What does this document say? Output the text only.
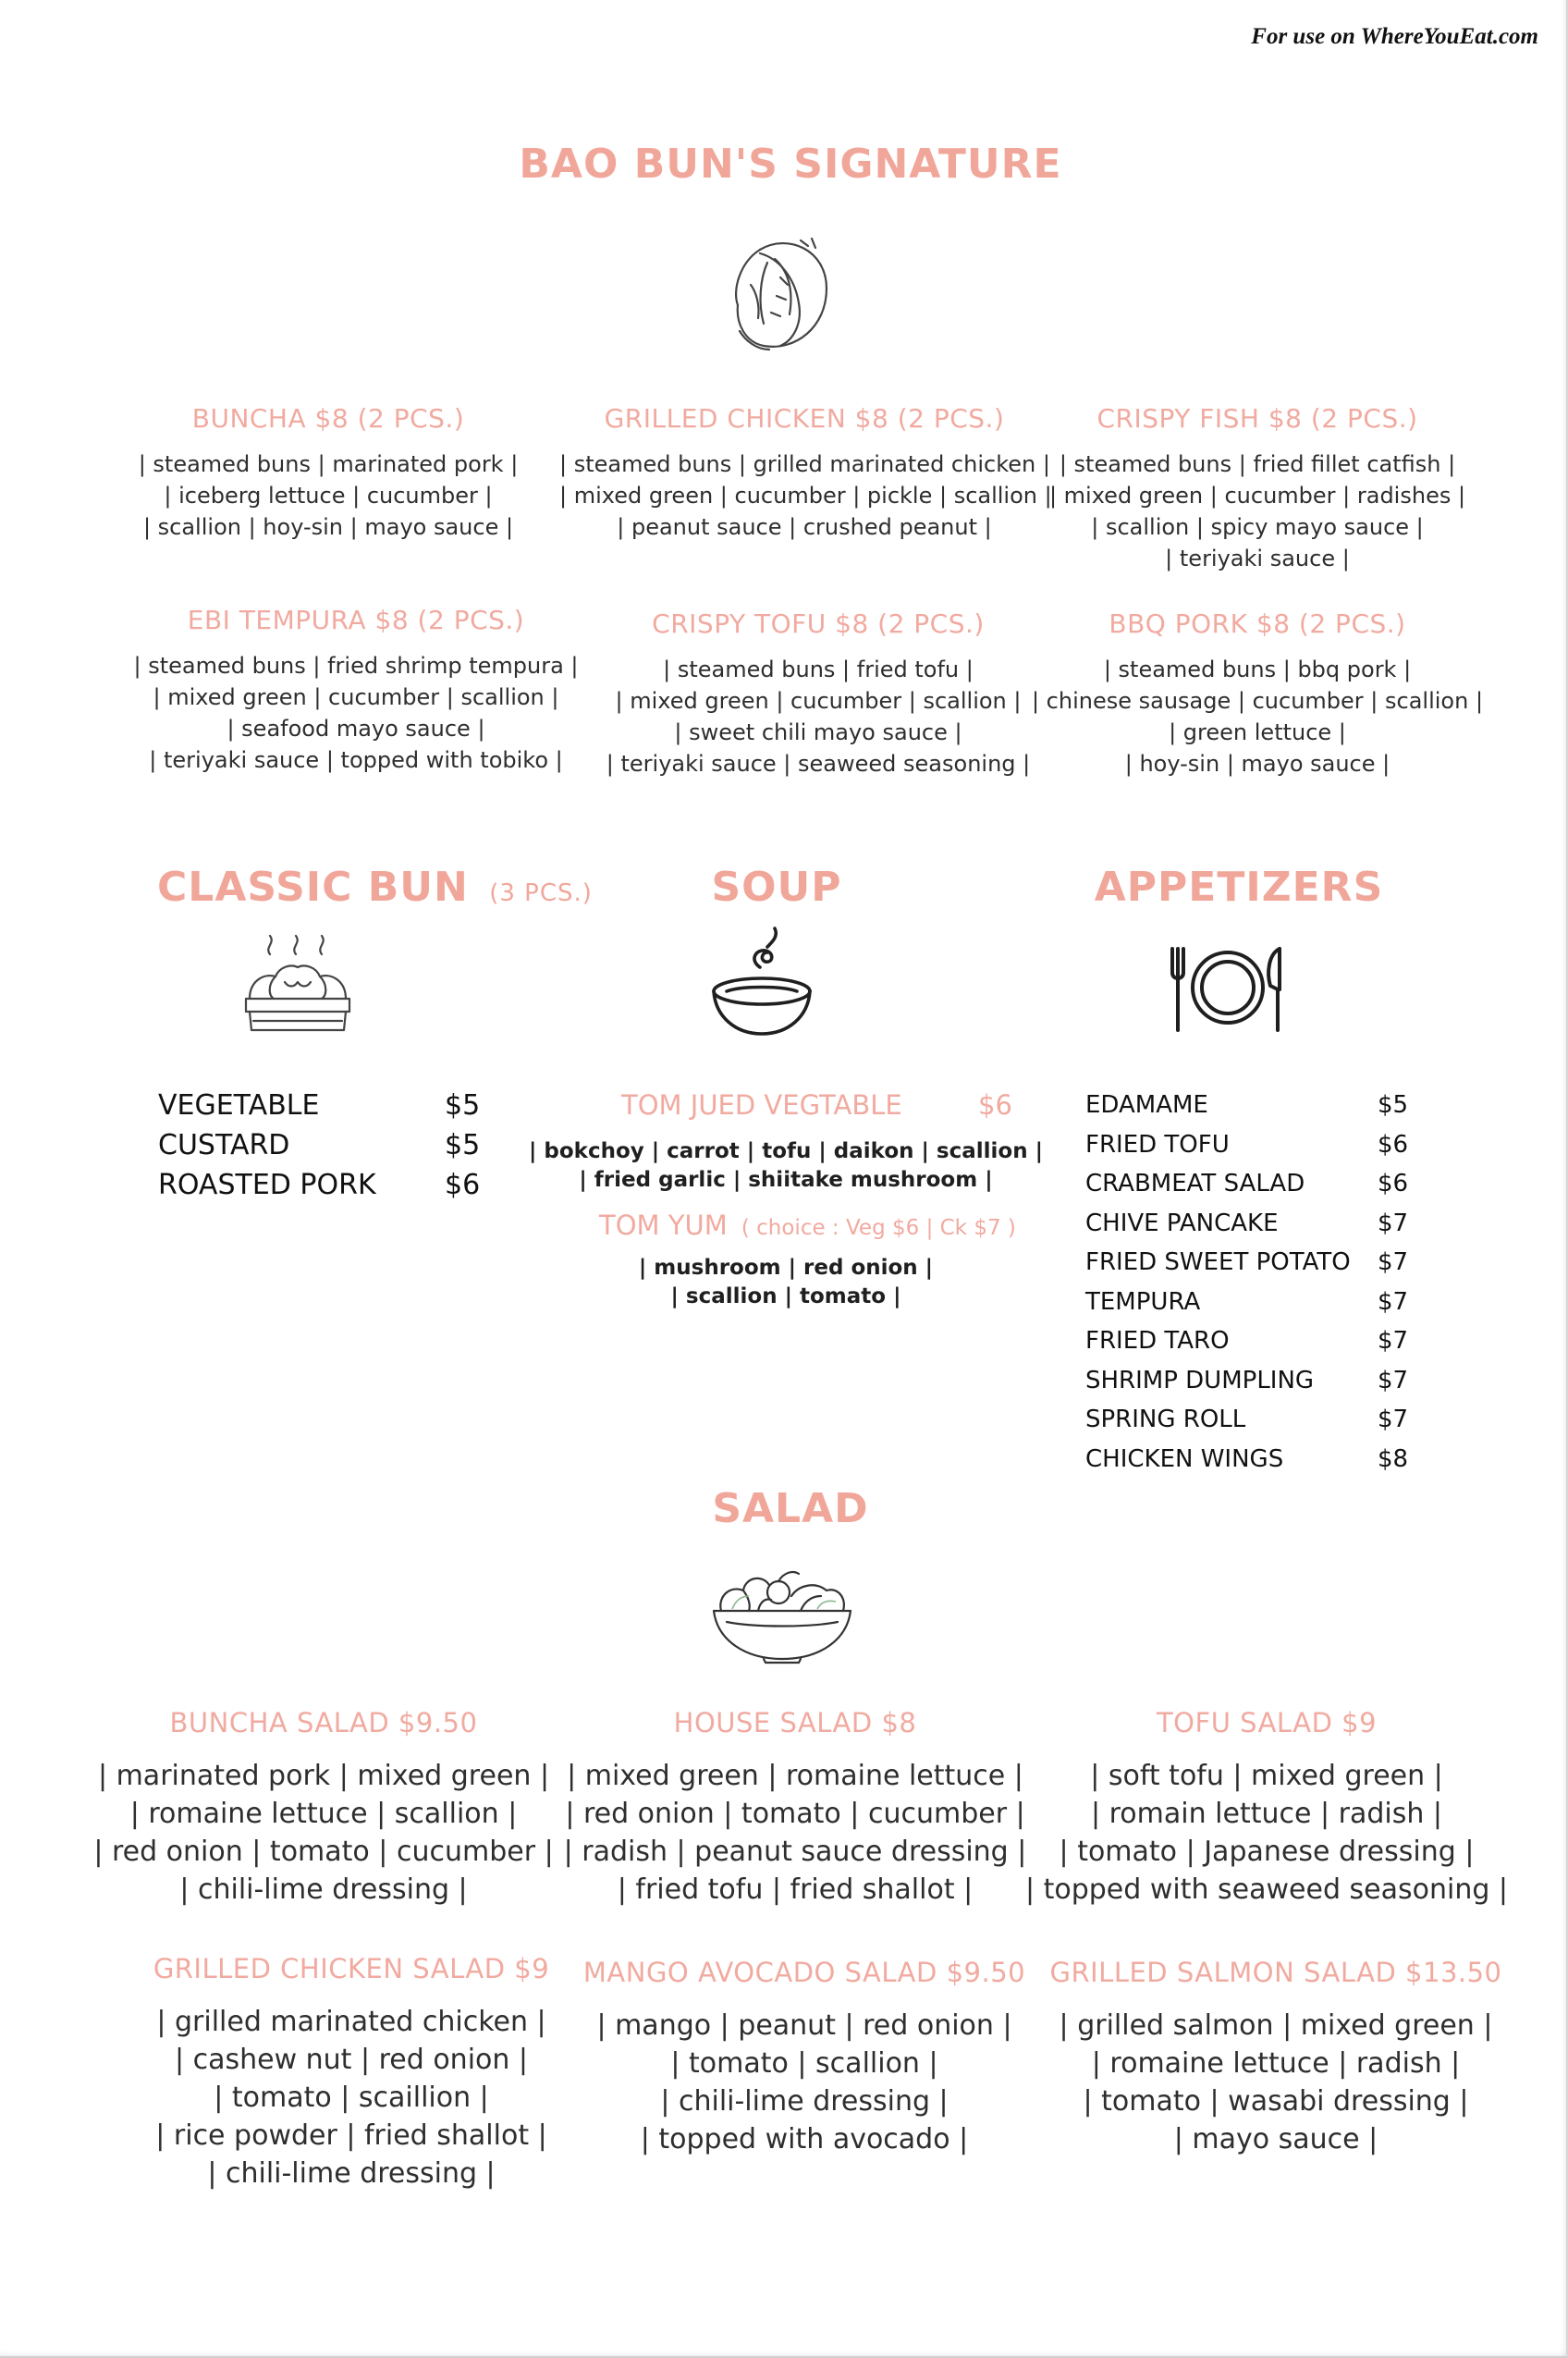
For use on WhereYouEat.com
BAO BUN'S SIGNATURE
BUNCHA $8 (2 PCS.)
| steamed buns | marinated pork |
| iceberg lettuce | cucumber |
| scallion | hoy-sin | mayo sauce |
GRILLED CHICKEN $8 (2 PCS.)
| steamed buns | grilled marinated chicken |
| mixed green | cucumber | pickle | scallion |
| peanut sauce | crushed peanut |
CRISPY FISH $8 (2 PCS.)
| steamed buns | fried fillet catfish |
| mixed green | cucumber | radishes |
| scallion | spicy mayo sauce |
| teriyaki sauce |
EBI TEMPURA $8 (2 PCS.)
| steamed buns | fried shrimp tempura |
| mixed green | cucumber | scallion |
| seafood mayo sauce |
| teriyaki sauce | topped with tobiko |
CRISPY TOFU $8 (2 PCS.)
| steamed buns | fried tofu |
| mixed green | cucumber | scallion |
| sweet chili mayo sauce |
| teriyaki sauce | seaweed seasoning |
BBQ PORK $8 (2 PCS.)
| steamed buns | bbq pork |
| chinese sausage | cucumber | scallion |
| green lettuce |
| hoy-sin | mayo sauce |
CLASSIC BUN (3 PCS.)
VEGETABLE	$5
CUSTARD	$5
ROASTED PORK $6
SOUP
TOM JUED VEGTABLE	$6
| bokchoy | carrot | tofu | daikon | scallion |
| fried garlic | shiitake mushroom |
TOM YUM ( choice : Veg $6 | Ck $7 )
| mushroom | red onion |
| scallion | tomato |
APPETIZERS
EDAMAME	$5
FRIED TOFU	$6
CRABMEAT SALAD	$6
CHIVE PANCAKE	$7
FRIED SWEET POTATO $7
TEMPURA	$7
FRIED TARO	$7
SHRIMP DUMPLING	$7
SPRING ROLL	$7
CHICKEN WINGS	$8
SALAD
BUNCHA SALAD $9.50
| marinated pork | mixed green |
| romaine lettuce | scallion |
| red onion | tomato | cucumber |
| chili-lime dressing |
HOUSE SALAD $8
| mixed green | romaine lettuce |
| red onion | tomato | cucumber |
| radish | peanut sauce dressing |
| fried tofu | fried shallot |
TOFU SALAD $9
| soft tofu | mixed green |
| romain lettuce | radish |
| tomato | Japanese dressing |
| topped with seaweed seasoning |
GRILLED CHICKEN SALAD $9
| grilled marinated chicken |
| cashew nut | red onion |
| tomato | scaillion |
| rice powder | fried shallot |
| chili-lime dressing |
MANGO AVOCADO SALAD $9.50
| mango | peanut | red onion |
| tomato | scallion |
| chili-lime dressing |
| topped with avocado |
GRILLED SALMON SALAD $13.50
| grilled salmon | mixed green |
| romaine lettuce | radish |
| tomato | wasabi dressing |
| mayo sauce |
